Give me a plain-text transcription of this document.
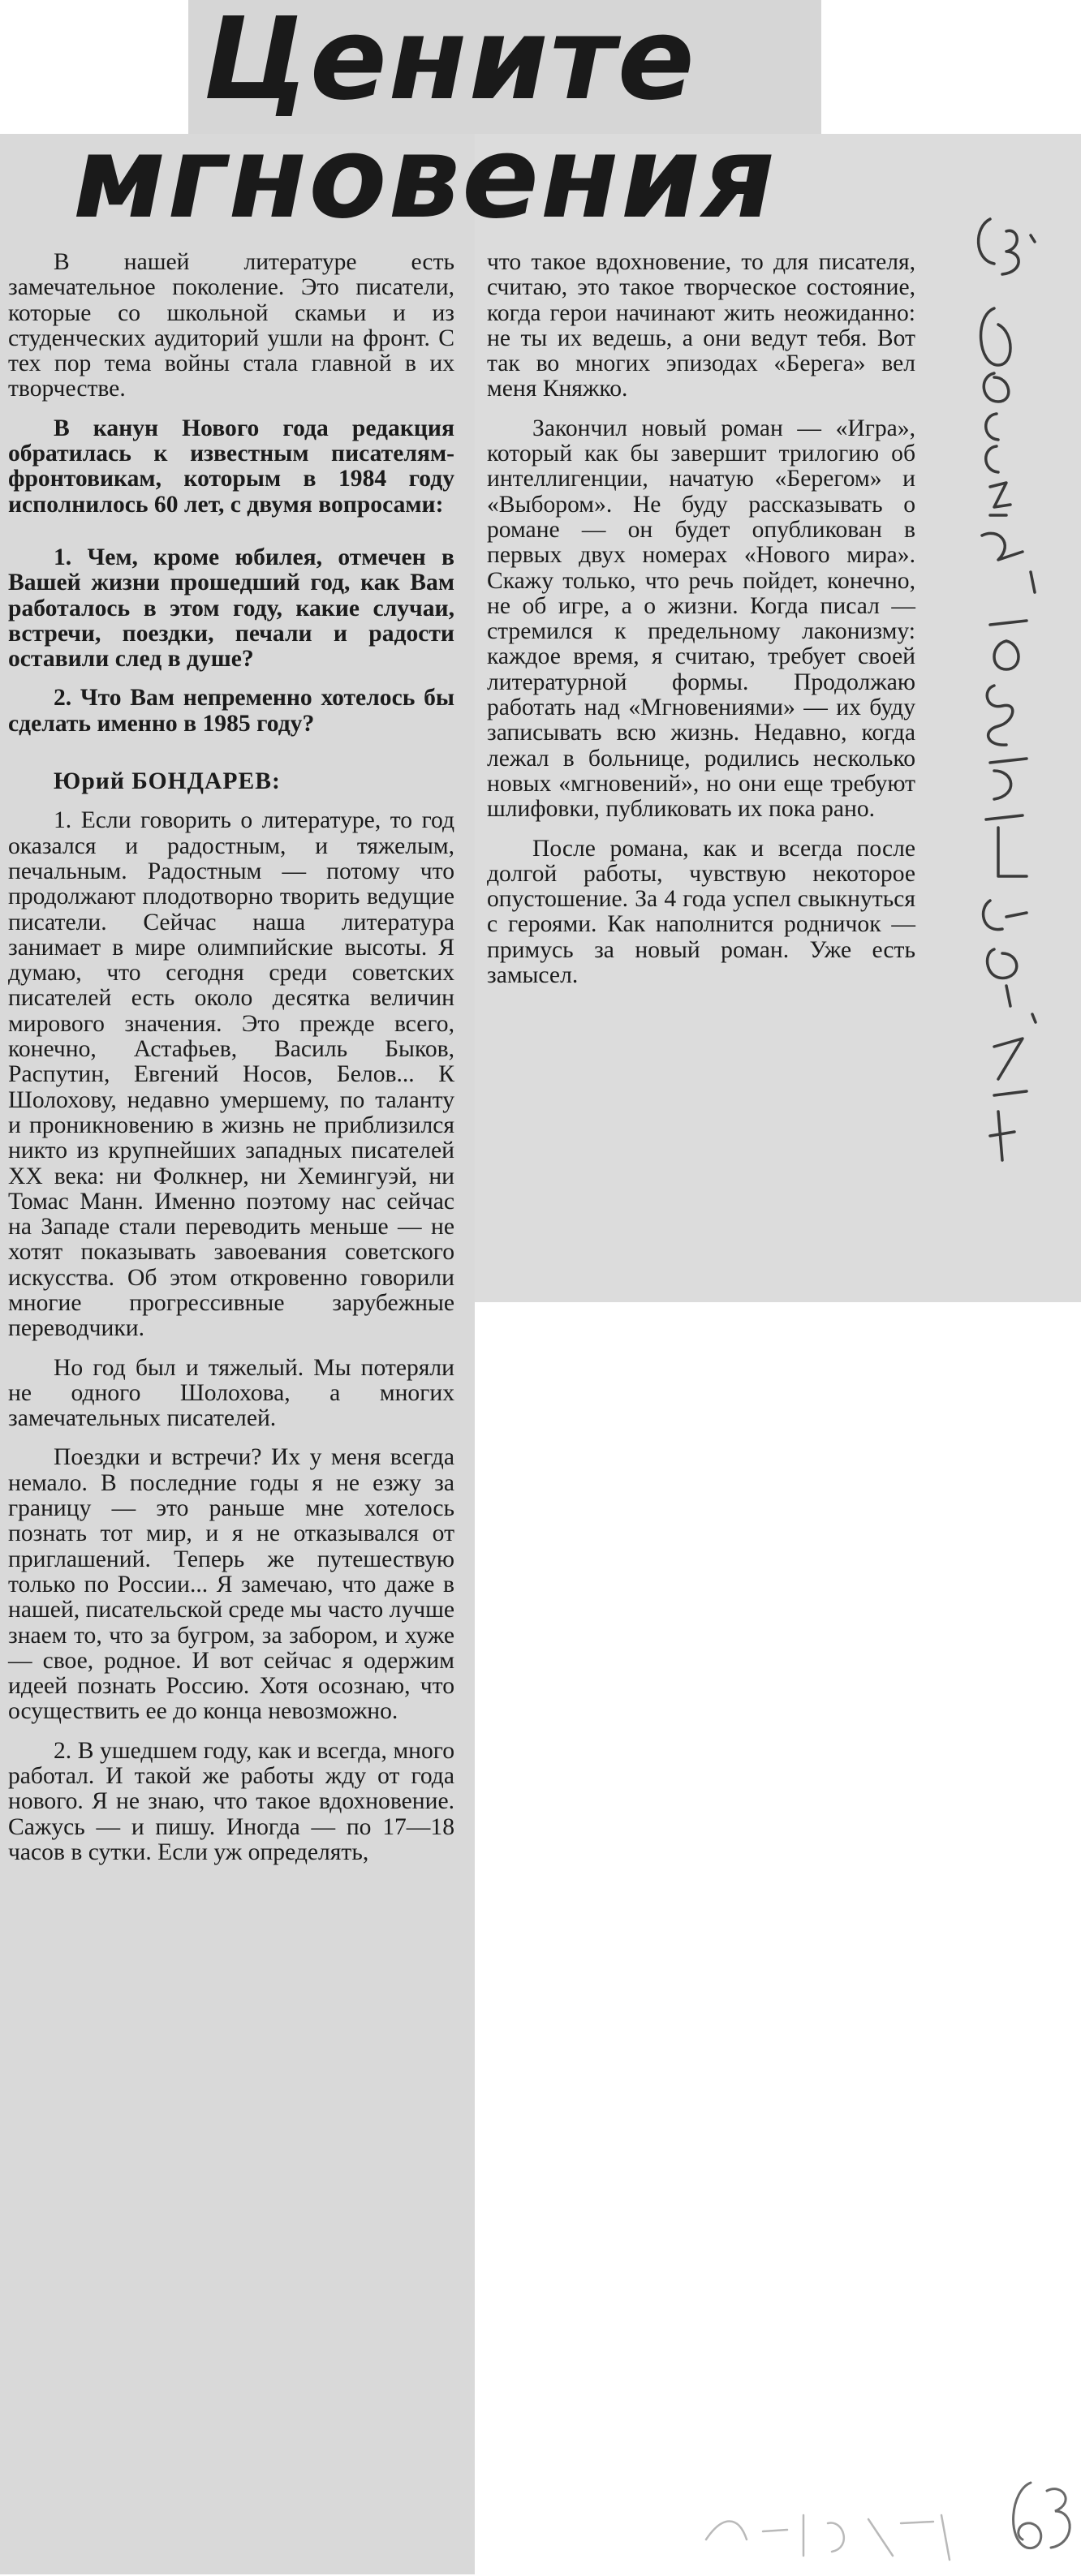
Цените
мгновения

В нашей литературе есть замечательное поколение. Это писатели, которые со школьной скамьи и из студенческих аудиторий ушли на фронт. С тех пор тема войны стала главной в их творчестве.

В канун Нового года редакция обратилась к известным писателям-фронтовикам, которым в 1984 году исполнилось 60 лет, с двумя вопросами:

1. Чем, кроме юбилея, отмечен в Вашей жизни прошедший год, как Вам работалось в этом году, какие случаи, встречи, поездки, печали и радости оставили след в душе?

2. Что Вам непременно хотелось бы сделать именно в 1985 году?

Юрий БОНДАРЕВ:

1. Если говорить о литературе, то год оказался и радостным, и тяжелым, печальным. Радостным — потому что продолжают плодотворно творить ведущие писатели. Сейчас наша литература занимает в мире олимпийские высоты. Я думаю, что сегодня среди советских писателей есть около десятка величин мирового значения. Это прежде всего, конечно, Астафьев, Василь Быков, Распутин, Евгений Носов, Белов... К Шолохову, недавно умершему, по таланту и проникновению в жизнь не приблизился никто из крупнейших западных писателей XX века: ни Фолкнер, ни Хемингуэй, ни Томас Манн. Именно поэтому нас сейчас на Западе стали переводить меньше — не хотят показывать завоевания советского искусства. Об этом откровенно говорили многие прогрессивные зарубежные переводчики.

Но год был и тяжелый. Мы потеряли не одного Шолохова, а многих замечательных писателей.

Поездки и встречи? Их у меня всегда немало. В последние годы я не езжу за границу — это раньше мне хотелось познать тот мир, и я не отказывался от приглашений. Теперь же путешествую только по России... Я замечаю, что даже в нашей, писательской среде мы часто лучше знаем то, что за бугром, за забором, и хуже — свое, родное. И вот сейчас я одержим идеей познать Россию. Хотя осознаю, что осуществить ее до конца невозможно.

2. В ушедшем году, как и всегда, много работал. И такой же работы жду от года нового. Я не знаю, что такое вдохновение. Сажусь — и пишу. Иногда — по 17—18 часов в сутки. Если уж определять,

что такое вдохновение, то для писателя, считаю, это такое творческое состояние, когда герои начинают жить неожиданно: не ты их ведешь, а они ведут тебя. Вот так во многих эпизодах «Берега» вел меня Княжко.

Закончил новый роман — «Игра», который как бы завершит трилогию об интеллигенции, начатую «Берегом» и «Выбором». Не буду рассказывать о романе — он будет опубликован в первых двух номерах «Нового мира». Скажу только, что речь пойдет, конечно, не об игре, а о жизни. Когда писал — стремился к предельному лаконизму: каждое время, я считаю, требует своей литературной формы. Продолжаю работать над «Мгновениями» — их буду записывать всю жизнь. Недавно, когда лежал в больнице, родились несколько новых «мгновений», но они еще требуют шлифовки, публиковать их пока рано.

После романа, как и всегда после долгой работы, чувствую некоторое опустошение. За 4 года успел свыкнуться с героями. Как наполнится родничок — примусь за новый роман. Уже есть замысел.
